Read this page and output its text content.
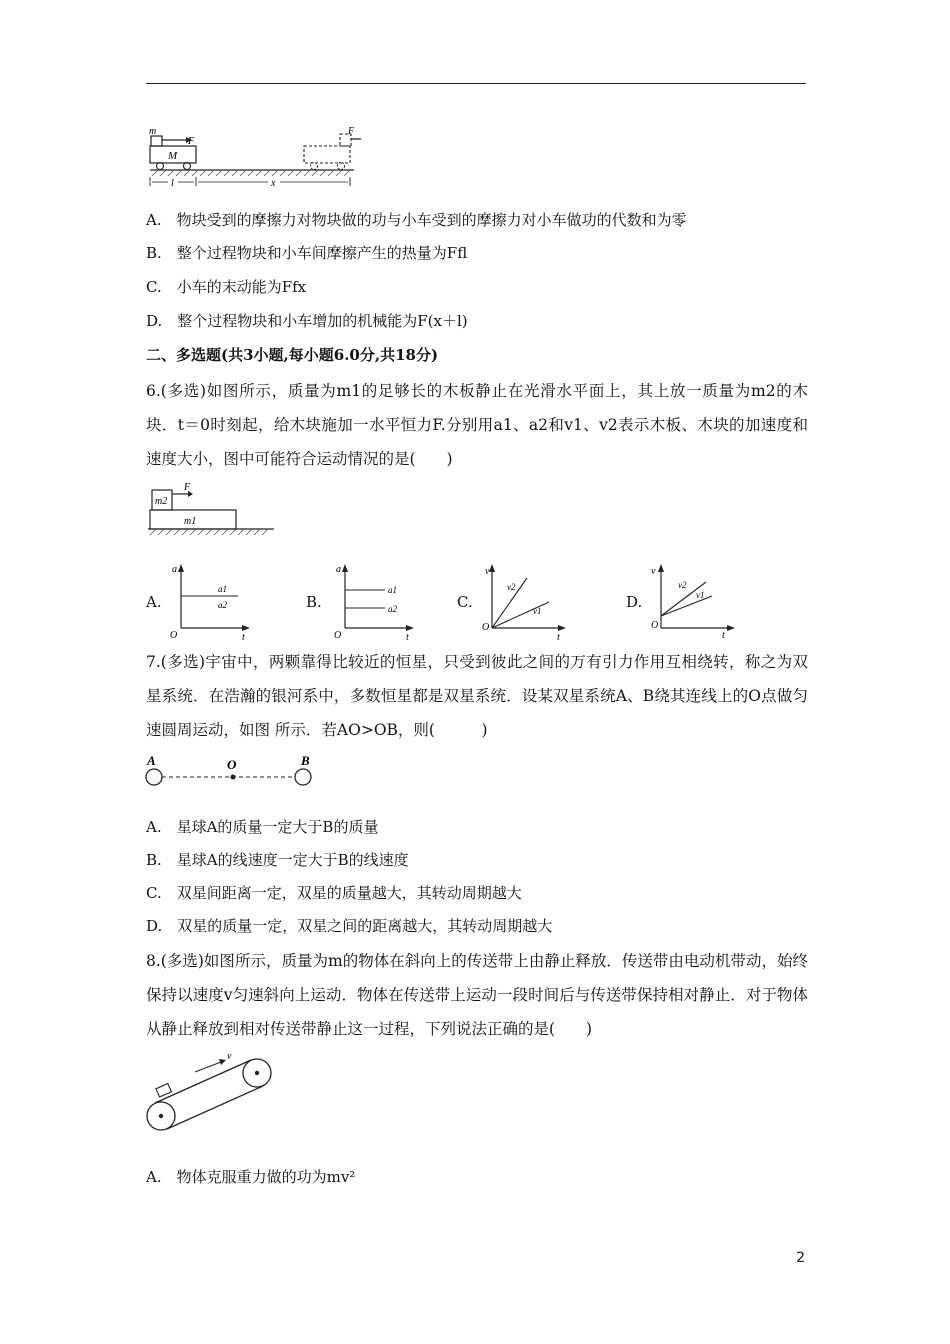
m
F
M
F
l	x
A.　物块受到的摩擦力对物块做的功与小车受到的摩擦力对小车做功的代数和为零
B.　整个过程物块和小车间摩擦产生的热量为Ffl
C.　小车的末动能为Ffx
D.　整个过程物块和小车增加的机械能为F(x＋l)
二、多选题(共3小题,每小题6.0分,共18分)
6.(多选)如图所示，质量为m1的足够长的木板静止在光滑水平面上，其上放一质量为m2的木块．t＝0时刻起，给木块施加一水平恒力F.分别用a1、a2和v1、v2表示木板、木块的加速度和速度大小，图中可能符合运动情况的是(　　)
m2
m1
F
A.
a
t
O
a1
a2	B.
a
t
O
a1
a2	C.
v
t
O
v2
v1	D.
v
t
O
v2
v1
7.(多选)宇宙中，两颗靠得比较近的恒星，只受到彼此之间的万有引力作用互相绕转，称之为双星系统．在浩瀚的银河系中，多数恒星都是双星系统．设某双星系统A、B绕其连线上的O点做匀速圆周运动，如图 所示．若AO>OB，则(　　　)
A	O	B
A.　星球A的质量一定大于B的质量
B.　星球A的线速度一定大于B的线速度
C.　双星间距离一定，双星的质量越大，其转动周期越大
D.　双星的质量一定，双星之间的距离越大，其转动周期越大
8.(多选)如图所示，质量为m的物体在斜向上的传送带上由静止释放．传送带由电动机带动，始终保持以速度v匀速斜向上运动．物体在传送带上运动一段时间后与传送带保持相对静止．对于物体从静止释放到相对传送带静止这一过程，下列说法正确的是(　　)
v
A.　物体克服重力做的功为mv²
2
